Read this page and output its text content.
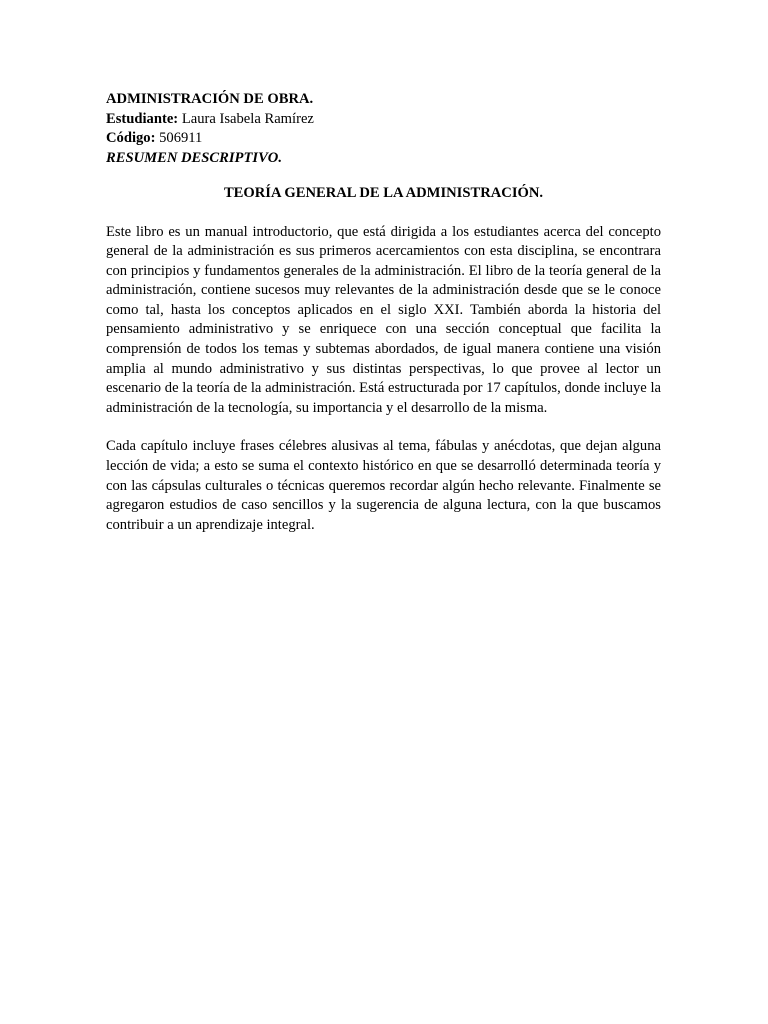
ADMINISTRACIÓN DE OBRA.
Estudiante: Laura Isabela Ramírez
Código: 506911
RESUMEN DESCRIPTIVO.
TEORÍA GENERAL DE LA ADMINISTRACIÓN.

Este libro es un manual introductorio, que está dirigida a los estudiantes acerca del concepto general de la administración es sus primeros acercamientos con esta disciplina, se encontrara con principios y fundamentos generales de la administración. El libro de la teoría general de la administración, contiene sucesos muy relevantes de la administración desde que se le conoce como tal, hasta los conceptos aplicados en el siglo XXI. También aborda la historia del pensamiento administrativo y se enriquece con una sección conceptual que facilita la comprensión de todos los temas y subtemas abordados, de igual manera contiene una visión amplia al mundo administrativo y sus distintas perspectivas, lo que provee al lector un escenario de la teoría de la administración. Está estructurada por 17 capítulos, donde incluye la administración de la tecnología, su importancia y el desarrollo de la misma.

Cada capítulo incluye frases célebres alusivas al tema, fábulas y anécdotas, que dejan alguna lección de vida; a esto se suma el contexto histórico en que se desarrolló determinada teoría y con las cápsulas culturales o técnicas queremos recordar algún hecho relevante. Finalmente se agregaron estudios de caso sencillos y la sugerencia de alguna lectura, con la que buscamos contribuir a un aprendizaje integral.
